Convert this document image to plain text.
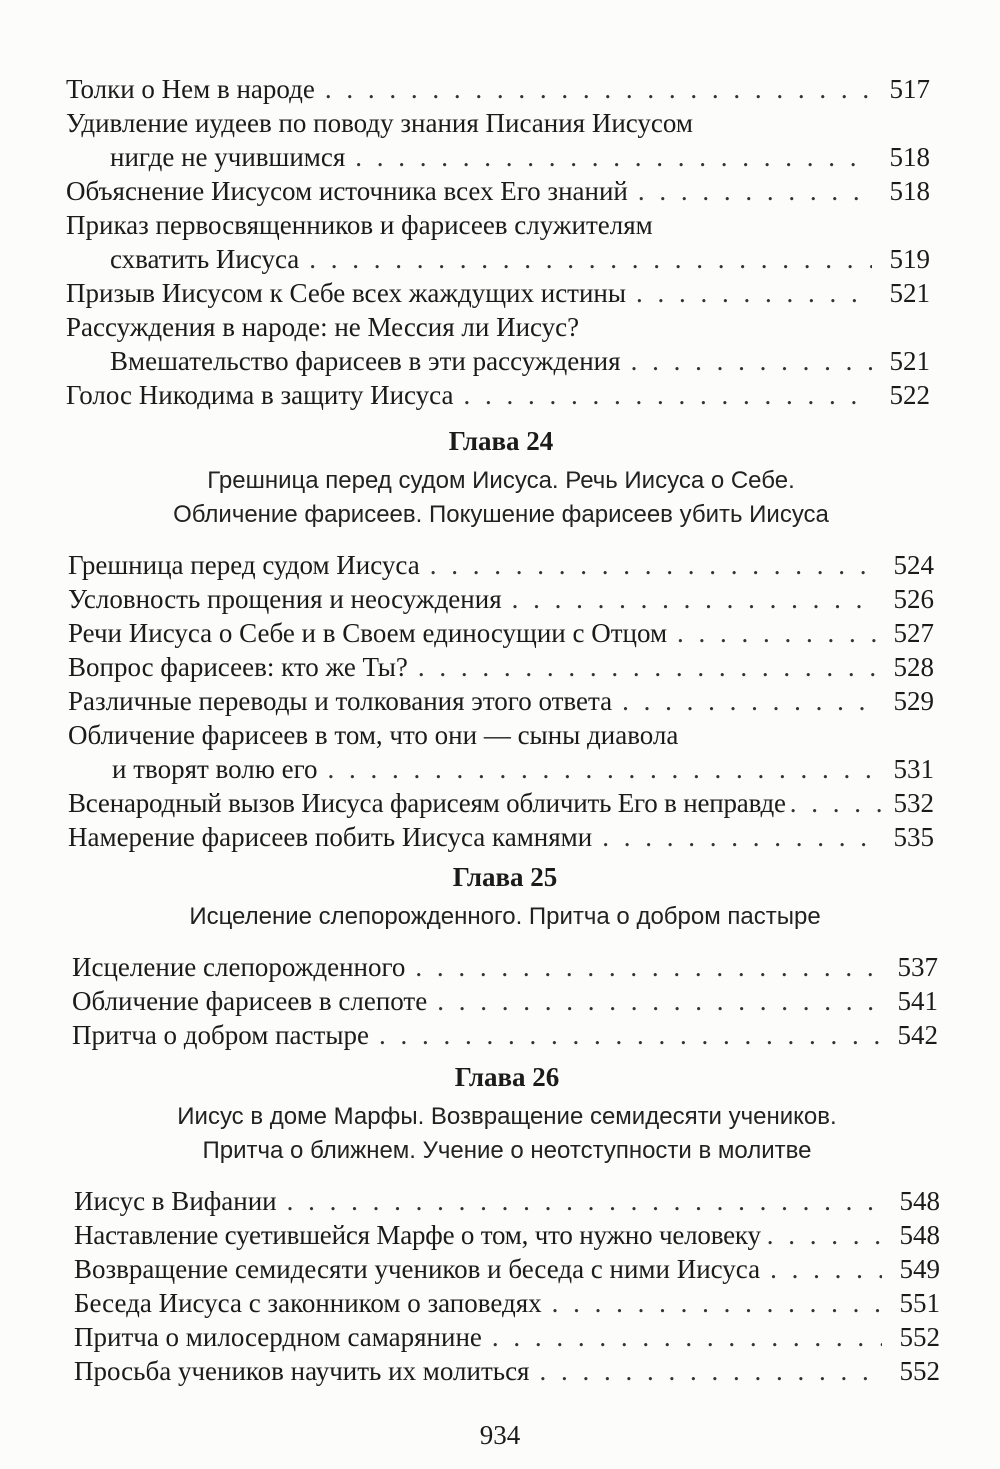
Толки о Нем в народе . . .	517
Удивление иудеев по поводу знания Писания Иисусом
нигде не учившимся . . .	518
Объяснение Иисусом источника всех Его знаний . . .	518
Приказ первосвященников и фарисеев служителям
схватить Иисуса . . .	519
Призыв Иисусом к Себе всех жаждущих истины . . .	521
Рассуждения в народе: не Мессия ли Иисус?
Вмешательство фарисеев в эти рассуждения . . .	521
Голос Никодима в защиту Иисуса . . .	522
Глава 24
Грешница перед судом Иисуса. Речь Иисуса о Себе.
Обличение фарисеев. Покушение фарисеев убить Иисуса
Грешница перед судом Иисуса . . .	524
Условность прощения и неосуждения . . .	526
Речи Иисуса о Себе и в Своем единосущии с Отцом . . .	527
Вопрос фарисеев: кто же Ты? . . .	528
Различные переводы и толкования этого ответа . . .	529
Обличение фарисеев в том, что они — сыны диавола
и творят волю его . . .	531
Всенародный вызов Иисуса фарисеям обличить Его в неправде . . .	532
Намерение фарисеев побить Иисуса камнями . . .	535
Глава 25
Исцеление слепорожденного. Притча о добром пастыре
Исцеление слепорожденного . . .	537
Обличение фарисеев в слепоте . . .	541
Притча о добром пастыре . . .	542
Глава 26
Иисус в доме Марфы. Возвращение семидесяти учеников.
Притча о ближнем. Учение о неотступности в молитве
Иисус в Вифании . . .	548
Наставление суетившейся Марфе о том, что нужно человеку . . .	548
Возвращение семидесяти учеников и беседа с ними Иисуса . . .	549
Беседа Иисуса с законником о заповедях . . .	551
Притча о милосердном самарянине . . .	552
Просьба учеников научить их молиться . . .	552
934
